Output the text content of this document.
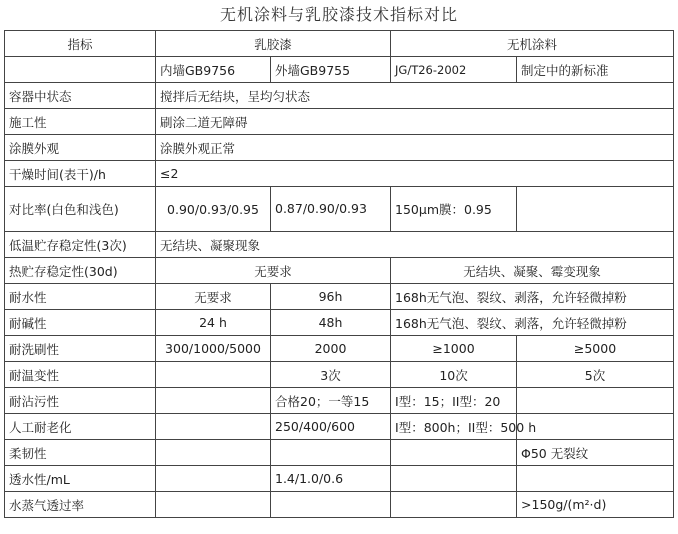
无机涂料与乳胶漆技术指标对比
指标	乳胶漆		无机涂料	
	内墙GB9756	外墙GB9755	JG/T26-2002	制定中的新标准
容器中状态	搅拌后无结块，呈均匀状态			
施工性	刷涂二道无障碍			
涂膜外观	涂膜外观正常			
干燥时间(表干)/h	≤2			
对比率(白色和浅色)	0.90/0.93/0.95	0.87/0.90/0.93	150μm膜：0.95	
低温贮存稳定性(3次)	无结块、凝聚现象			
热贮存稳定性(30d)	无要求		无结块、凝聚、霉变现象	
耐水性	无要求	96h	168h无气泡、裂纹、剥落，允许轻微掉粉	
耐碱性	24 h	48h	168h无气泡、裂纹、剥落，允许轻微掉粉	
耐洗刷性	300/1000/5000	2000	≥1000	≥5000
耐温变性		3次	10次	5次
耐沾污性		合格20；一等15	I型：15；II型：20	
人工耐老化		250/400/600	I型：800h；II型：500 h	
柔韧性				Φ50 无裂纹
透水性/mL		1.4/1.0/0.6		
水蒸气透过率				>150g/(m²·d)
